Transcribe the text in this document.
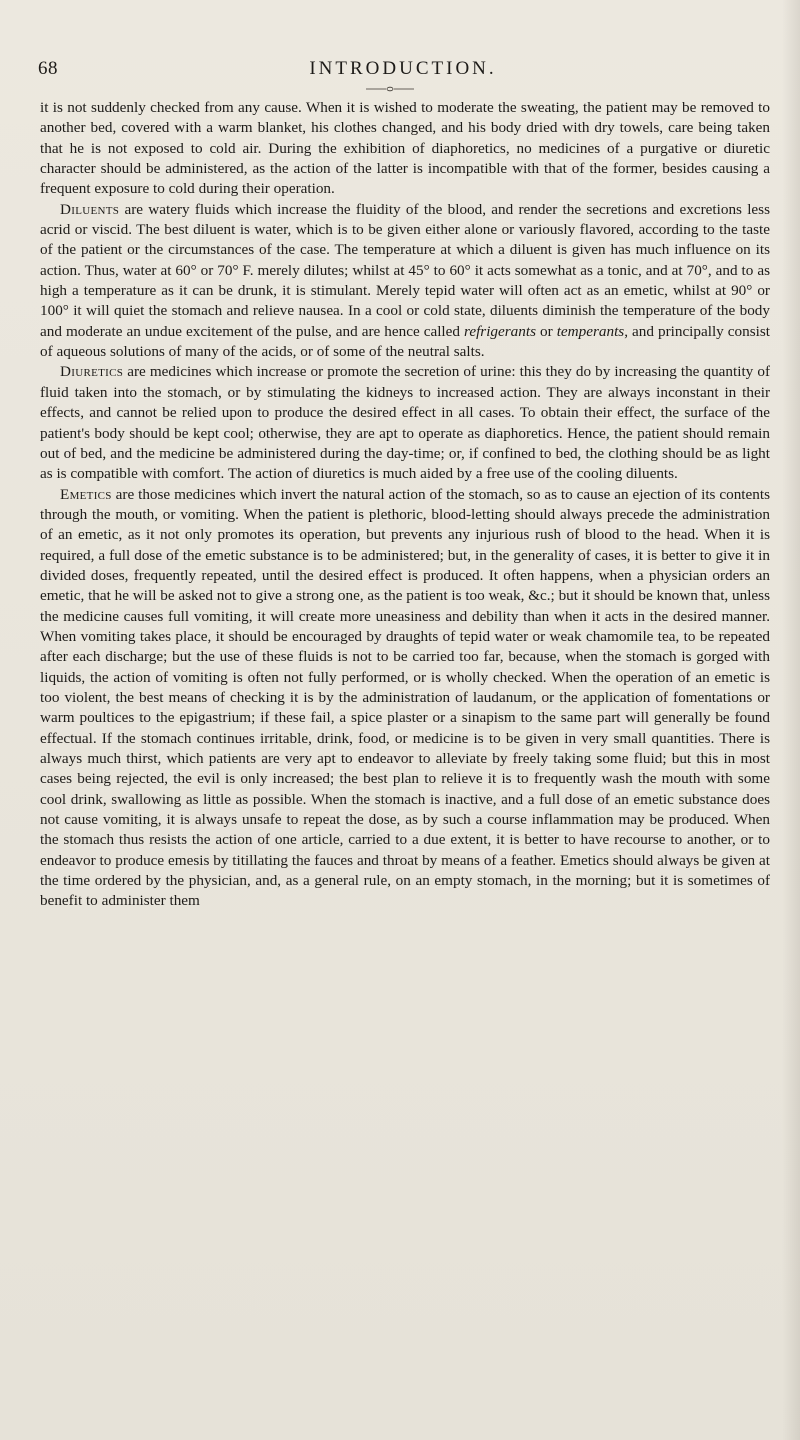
68	INTRODUCTION.

it is not suddenly checked from any cause. When it is wished to moderate the sweating, the patient may be removed to another bed, covered with a warm blanket, his clothes changed, and his body dried with dry towels, care being taken that he is not exposed to cold air. During the exhibition of diaphoretics, no medicines of a purgative or diuretic character should be administered, as the action of the latter is incompatible with that of the former, besides causing a frequent exposure to cold during their operation.

Diluents are watery fluids which increase the fluidity of the blood, and render the secretions and excretions less acrid or viscid. The best diluent is water, which is to be given either alone or variously flavored, according to the taste of the patient or the circumstances of the case. The temperature at which a diluent is given has much influence on its action. Thus, water at 60° or 70° F. merely dilutes; whilst at 45° to 60° it acts somewhat as a tonic, and at 70°, and to as high a temperature as it can be drunk, it is stimulant. Merely tepid water will often act as an emetic, whilst at 90° or 100° it will quiet the stomach and relieve nausea. In a cool or cold state, diluents diminish the temperature of the body and moderate an undue excitement of the pulse, and are hence called refrigerants or temperants, and principally consist of aqueous solutions of many of the acids, or of some of the neutral salts.

Diuretics are medicines which increase or promote the secretion of urine: this they do by increasing the quantity of fluid taken into the stomach, or by stimulating the kidneys to increased action. They are always inconstant in their effects, and cannot be relied upon to produce the desired effect in all cases. To obtain their effect, the surface of the patient's body should be kept cool; otherwise, they are apt to operate as diaphoretics. Hence, the patient should remain out of bed, and the medicine be administered during the day-time; or, if confined to bed, the clothing should be as light as is compatible with comfort. The action of diuretics is much aided by a free use of the cooling diluents.

Emetics are those medicines which invert the natural action of the stomach, so as to cause an ejection of its contents through the mouth, or vomiting. When the patient is plethoric, blood-letting should always precede the administration of an emetic, as it not only promotes its operation, but prevents any injurious rush of blood to the head. When it is required, a full dose of the emetic substance is to be administered; but, in the generality of cases, it is better to give it in divided doses, frequently repeated, until the desired effect is produced. It often happens, when a physician orders an emetic, that he will be asked not to give a strong one, as the patient is too weak, &c.; but it should be known that, unless the medicine causes full vomiting, it will create more uneasiness and debility than when it acts in the desired manner. When vomiting takes place, it should be encouraged by draughts of tepid water or weak chamomile tea, to be repeated after each discharge; but the use of these fluids is not to be carried too far, because, when the stomach is gorged with liquids, the action of vomiting is often not fully performed, or is wholly checked. When the operation of an emetic is too violent, the best means of checking it is by the administration of laudanum, or the application of fomentations or warm poultices to the epigastrium; if these fail, a spice plaster or a sinapism to the same part will generally be found effectual. If the stomach continues irritable, drink, food, or medicine is to be given in very small quantities. There is always much thirst, which patients are very apt to endeavor to alleviate by freely taking some fluid; but this in most cases being rejected, the evil is only increased; the best plan to relieve it is to frequently wash the mouth with some cool drink, swallowing as little as possible. When the stomach is inactive, and a full dose of an emetic substance does not cause vomiting, it is always unsafe to repeat the dose, as by such a course inflammation may be produced. When the stomach thus resists the action of one article, carried to a due extent, it is better to have recourse to another, or to endeavor to produce emesis by titillating the fauces and throat by means of a feather. Emetics should always be given at the time ordered by the physician, and, as a general rule, on an empty stomach, in the morning; but it is sometimes of benefit to administer them
